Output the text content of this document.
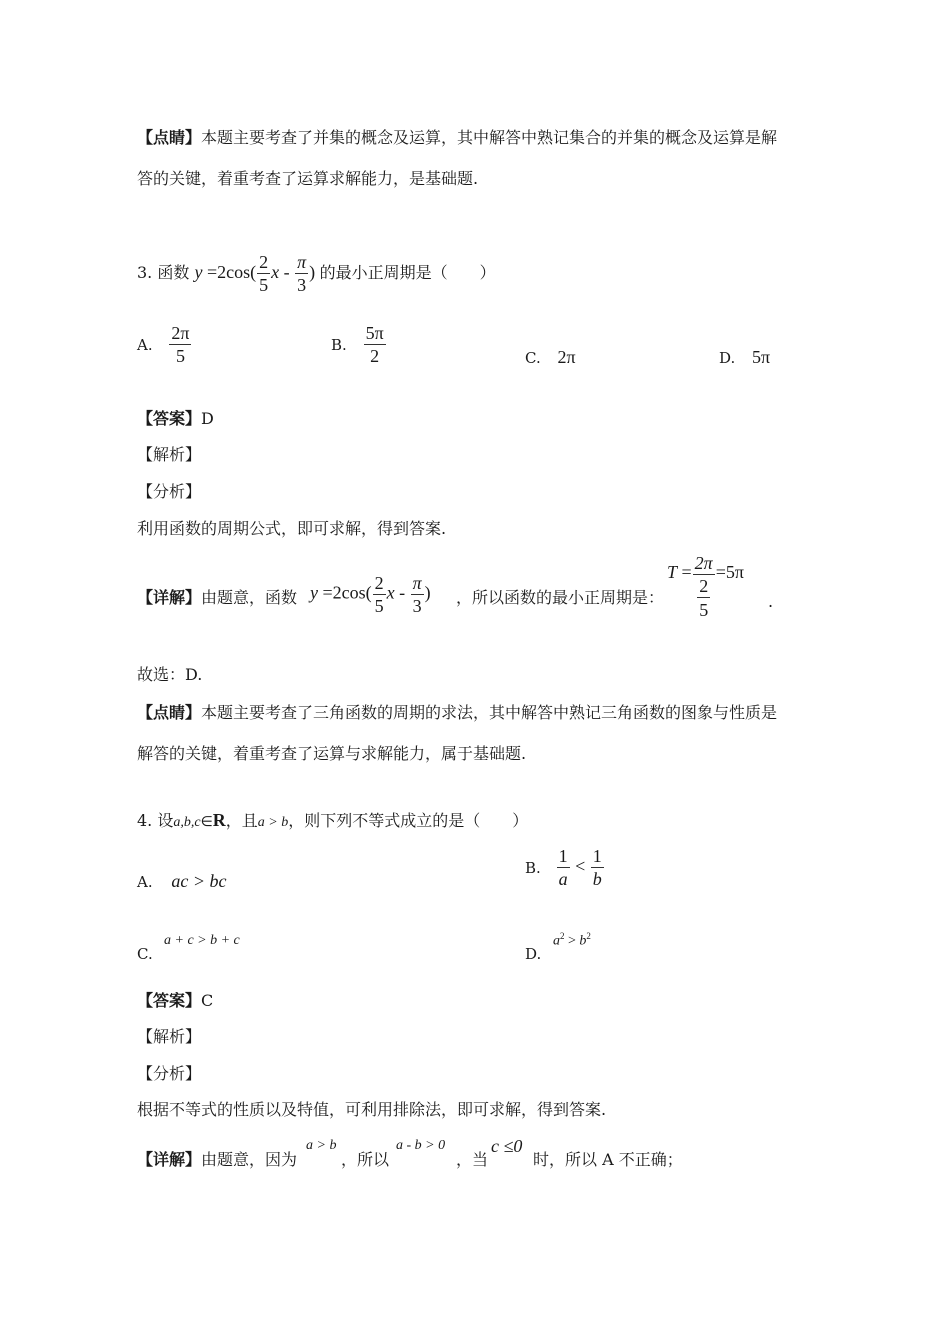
【点睛】本题主要考查了并集的概念及运算，其中解答中熟记集合的并集的概念及运算是解
答的关键，着重考查了运算求解能力，是基础题.
3. 函数 $y =2\cos( \frac{2}{5}$ x - $\frac{\pi}{3}$ ) 的最小正周期是（　　）
A. $\frac{2\pi}{5}$	B. $\frac{5\pi}{2}$	C. 2π	D. 5π
【答案】D
【解析】
【分析】
利用函数的周期公式，即可求解，得到答案.
【详解】由题意，函数 $y =2\cos( \frac{2}{5}$ x - $\frac{\pi}{3}$ ) ，所以函数的最小正周期是：
$T = \frac{2\pi}{\frac{2}{5}} =5\pi$
.
故选：D.
【点睛】本题主要考查了三角函数的周期的求法，其中解答中熟记三角函数的图象与性质是
解答的关键，着重考查了运算与求解能力，属于基础题.
4. 设a,b,c∈R，且a > b，则下列不等式成立的是（　　）
A. ac > bc
B. $\frac{1}{a} < \frac{1}{b}$
a + c > b + c
C.
$a^2 > b^2$
D.
【答案】C
【解析】
【分析】
根据不等式的性质以及特值，可利用排除法，即可求解，得到答案.
【详解】由题意，因为
a > b
，所以
a - b > 0
，当
c ≤0
时，所以 A 不正确；
